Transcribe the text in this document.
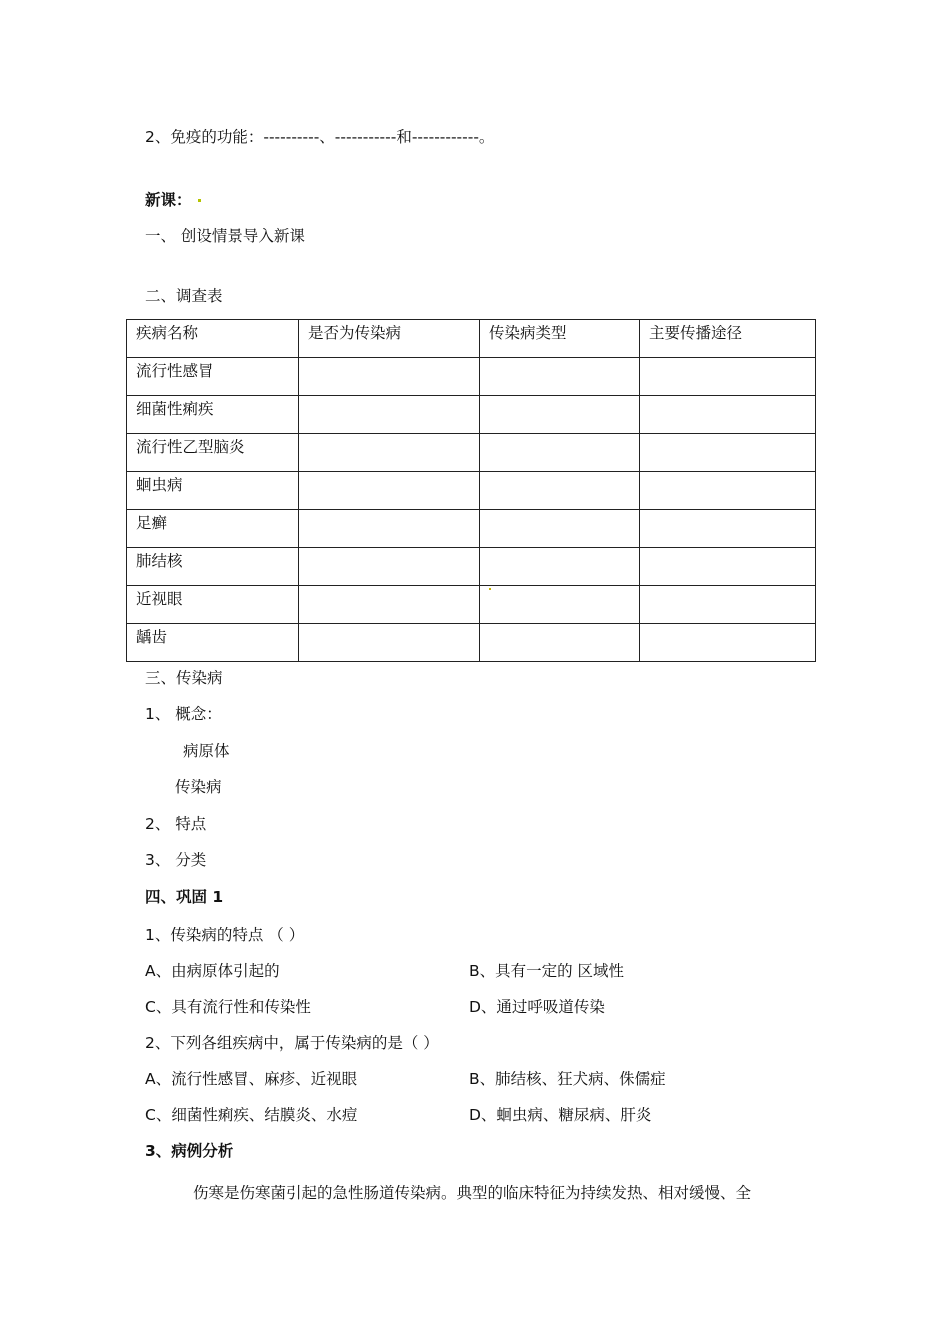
2、免疫的功能：----------、-----------和------------。
新课：
一、 创设情景导入新课
二、调查表
疾病名称	是否为传染病	传染病类型	主要传播途径
流行性感冒			
细菌性痢疾			
流行性乙型脑炎			
蛔虫病			
足癣			
肺结核			
近视眼			
龋齿			
三、传染病
1、 概念：
病原体
传染病
2、 特点
3、 分类
四、巩固 1
1、传染病的特点 （ ）
A、由病原体引起的	B、具有一定的 区域性
C、具有流行性和传染性	D、通过呼吸道传染
2、下列各组疾病中，属于传染病的是（ ）
A、流行性感冒、麻疹、近视眼	B、肺结核、狂犬病、侏儒症
C、细菌性痢疾、结膜炎、水痘	D、蛔虫病、糖尿病、肝炎
3、病例分析
伤寒是伤寒菌引起的急性肠道传染病。典型的临床特征为持续发热、相对缓慢、全
